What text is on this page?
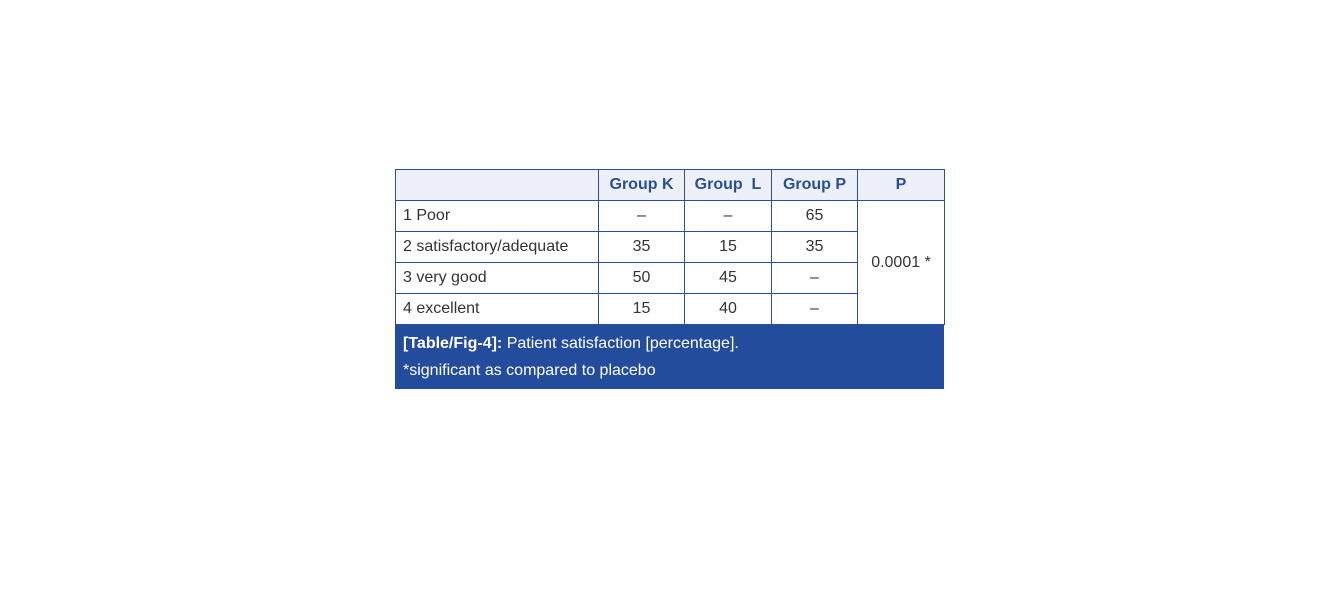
	Group K	Group  L	Group P	P
1 Poor	–	–	65	0.0001 *
2 satisfactory/adequate	35	15	35	
3 very good	50	45	–	
4 excellent	15	40	–	
[Table/Fig-4]: Patient satisfaction [percentage].
*significant as compared to placebo
